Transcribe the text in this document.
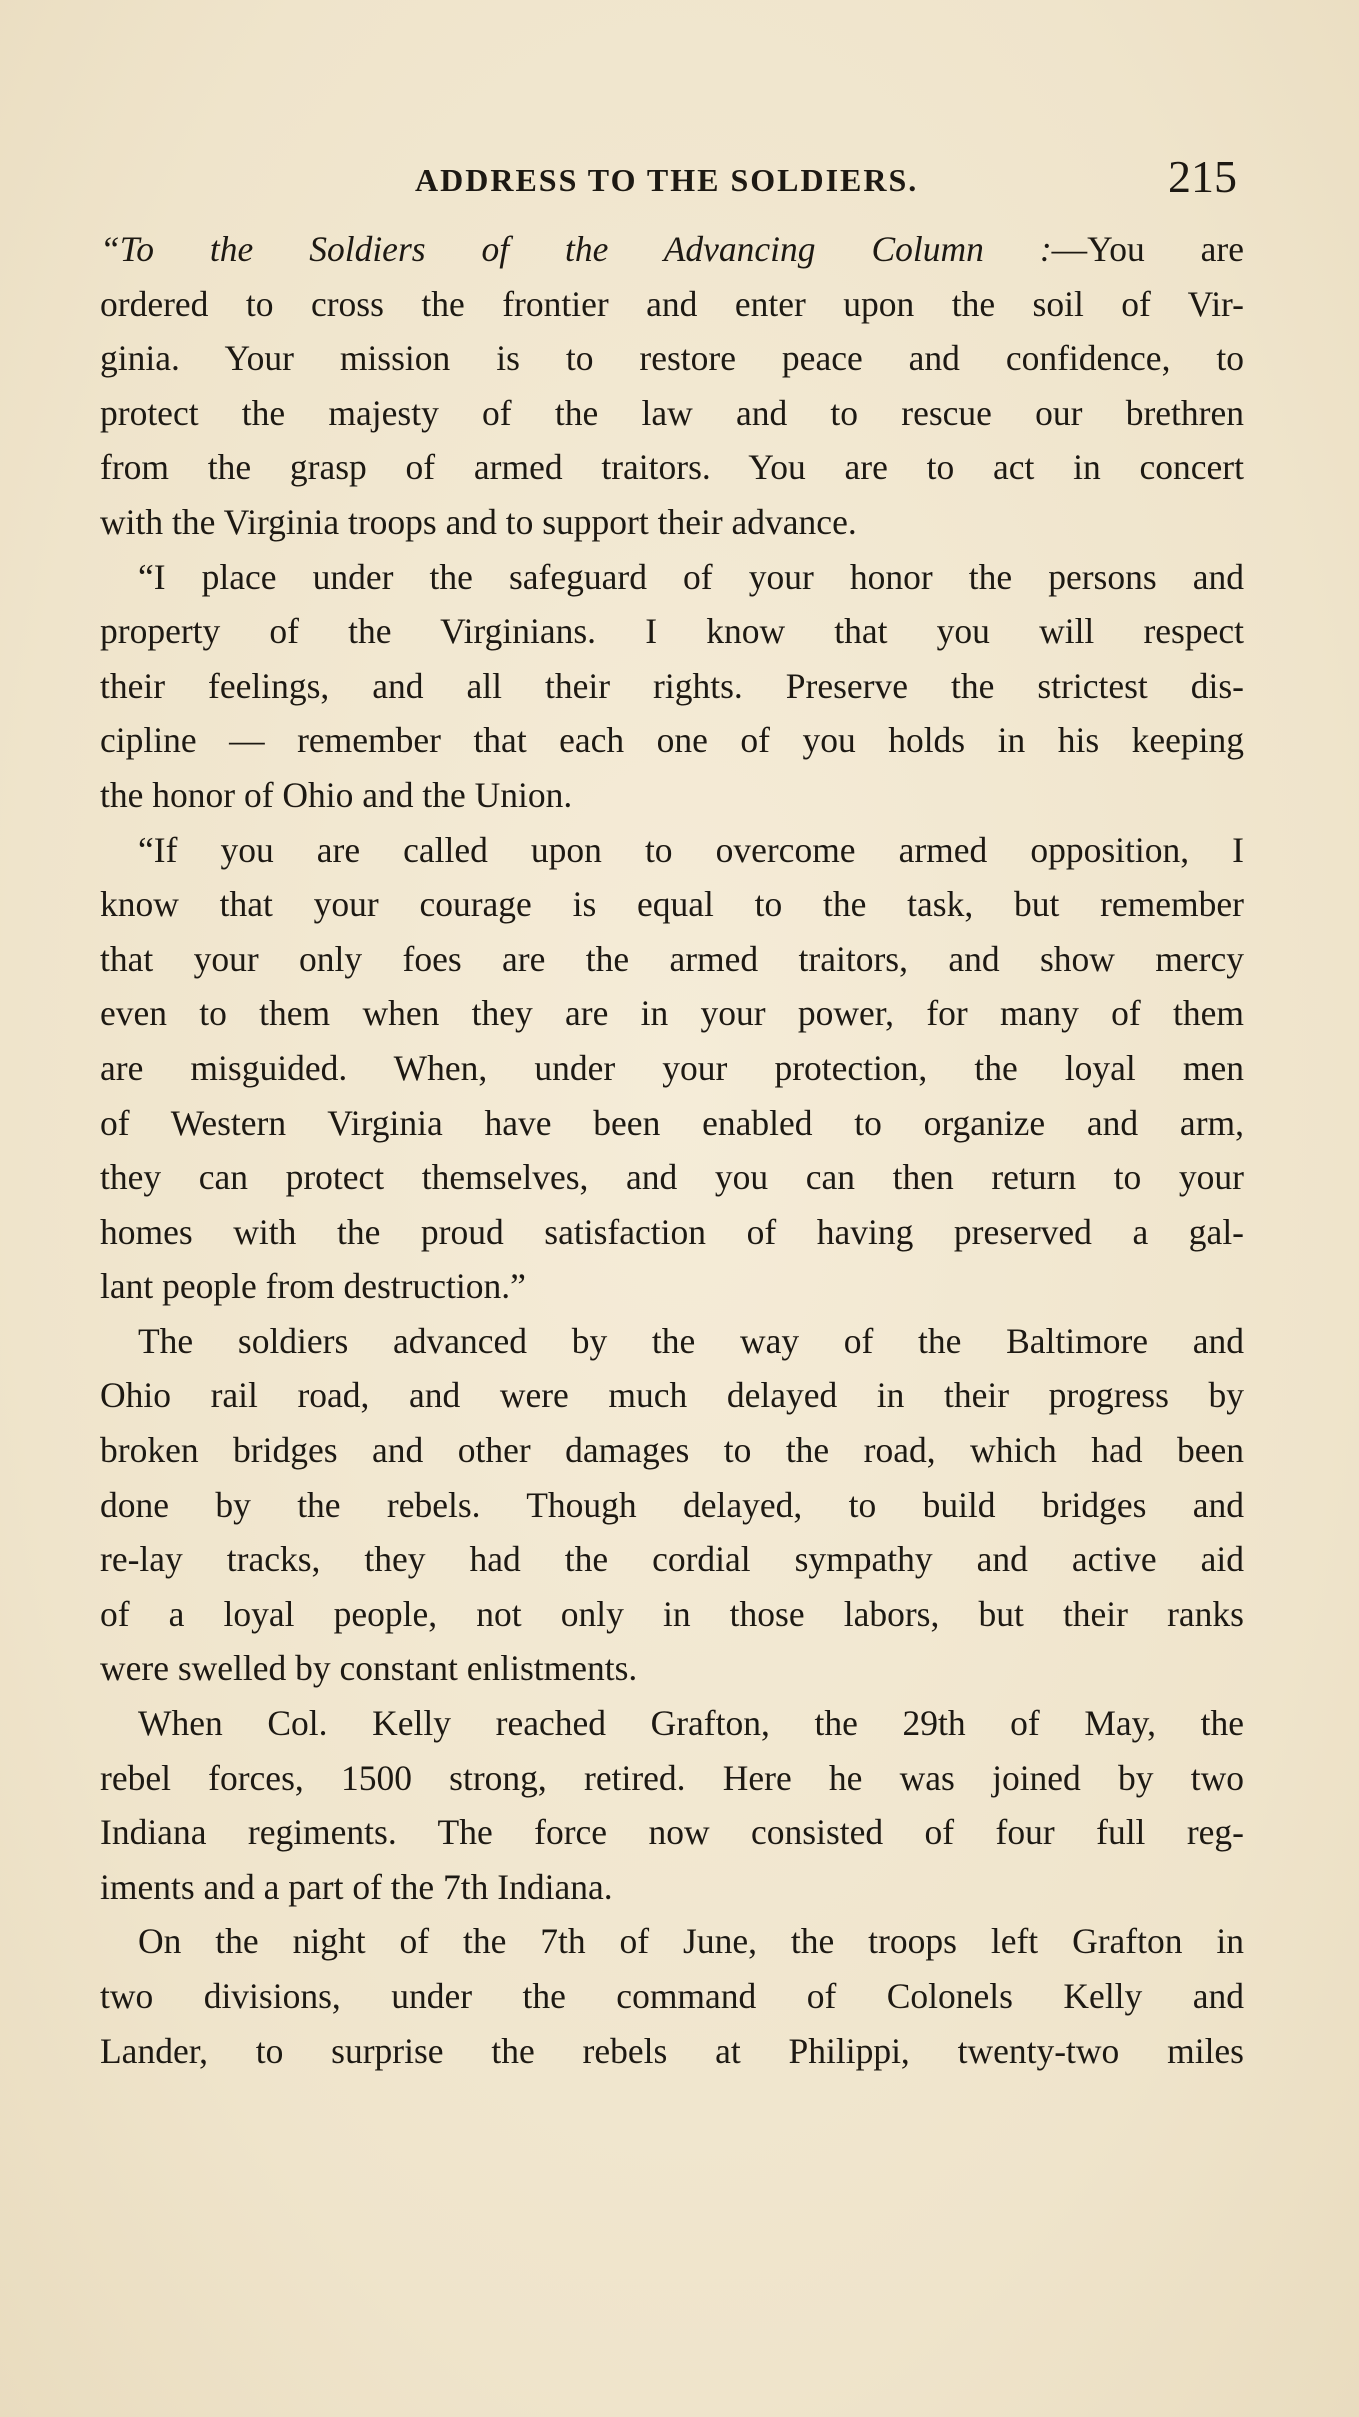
ADDRESS TO THE SOLDIERS.	215
“To the Soldiers of the Advancing Column :—You are
ordered to cross the frontier and enter upon the soil of Vir-
ginia. Your mission is to restore peace and confidence, to
protect the majesty of the law and to rescue our brethren
from the grasp of armed traitors. You are to act in concert
with the Virginia troops and to support their advance.
“I place under the safeguard of your honor the persons and
property of the Virginians. I know that you will respect
their feelings, and all their rights. Preserve the strictest dis-
cipline — remember that each one of you holds in his keeping
the honor of Ohio and the Union.
“If you are called upon to overcome armed opposition, I
know that your courage is equal to the task, but remember
that your only foes are the armed traitors, and show mercy
even to them when they are in your power, for many of them
are misguided. When, under your protection, the loyal men
of Western Virginia have been enabled to organize and arm,
they can protect themselves, and you can then return to your
homes with the proud satisfaction of having preserved a gal-
lant people from destruction.”
The soldiers advanced by the way of the Baltimore and
Ohio rail road, and were much delayed in their progress by
broken bridges and other damages to the road, which had been
done by the rebels. Though delayed, to build bridges and
re-lay tracks, they had the cordial sympathy and active aid
of a loyal people, not only in those labors, but their ranks
were swelled by constant enlistments.
When Col. Kelly reached Grafton, the 29th of May, the
rebel forces, 1500 strong, retired. Here he was joined by two
Indiana regiments. The force now consisted of four full reg-
iments and a part of the 7th Indiana.
On the night of the 7th of June, the troops left Grafton in
two divisions, under the command of Colonels Kelly and
Lander, to surprise the rebels at Philippi, twenty-two miles
